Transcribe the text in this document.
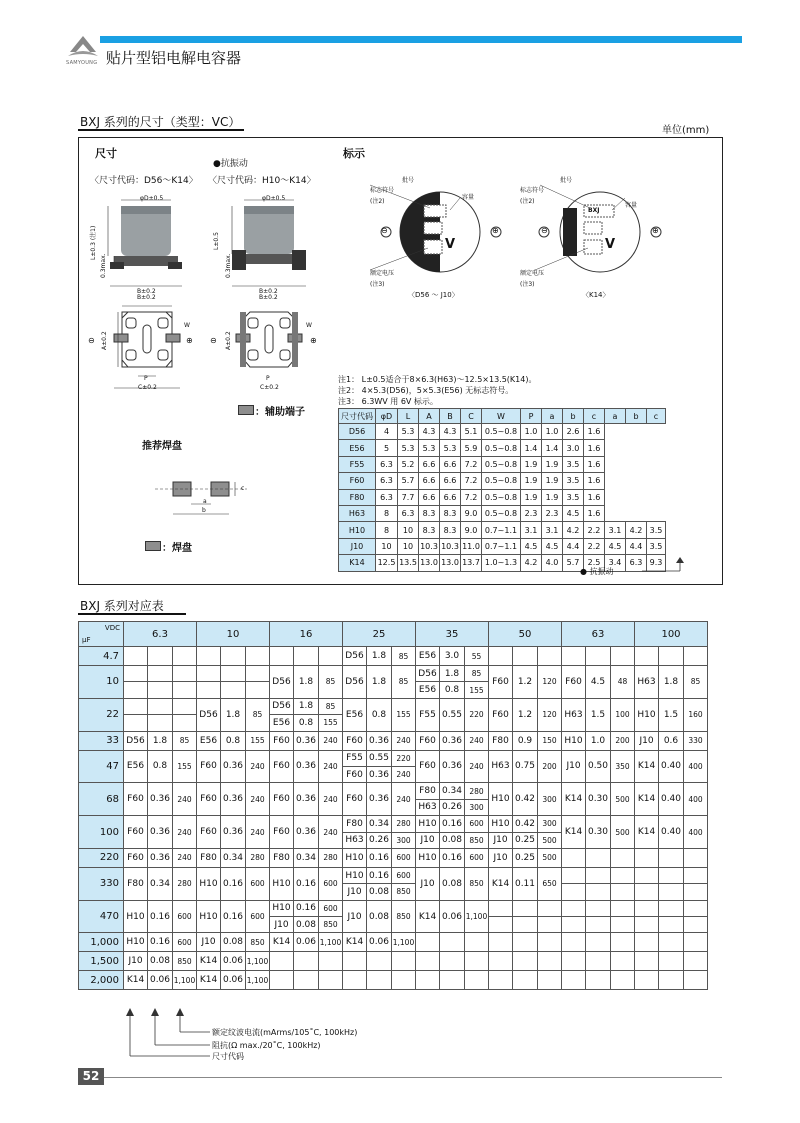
SAMYOUNG 贴片型铝电解电容器
BXJ 系列的尺寸（类型：VC）
单位(mm)
尺寸
●抗振动
〈尺寸代码：D56～K14〉 〈尺寸代码：H10～K14〉
φD±0.5	φD±0.5
L±0.3 (注1)	L±0.5
0.3max.	0.3max.
B±0.2	B±0.2
B±0.2	B±0.2
⊖	⊕ ⊖	⊕
A±0.2	A±0.2
W	W
P	P
C±0.2	C±0.2
：辅助端子
推荐焊盘
a
b
c
：焊盘
标示
批号
标志符号
(注2)
容量
额定电压
(注3)
〈D56 ～ J10〉
V
⊖	⊕
批号
标志符号
(注2)
容量
额定电压
(注3)
〈K14〉
V
BXJ
⊖	⊕
注1： L±0.5适合于8×6.3(H63)～12.5×13.5(K14)。
注2： 4×5.3(D56)，5×5.3(E56) 无标志符号。
注3： 6.3WV 用 6V 标示。
尺寸代码	φD	L	A	B	C	W	P	a	b	c	a	b	c
D56	4	5.3	4.3	4.3	5.1	0.5~0.8	1.0	1.0	2.6	1.6			
E56	5	5.3	5.3	5.3	5.9	0.5~0.8	1.4	1.4	3.0	1.6			
F55	6.3	5.2	6.6	6.6	7.2	0.5~0.8	1.9	1.9	3.5	1.6			
F60	6.3	5.7	6.6	6.6	7.2	0.5~0.8	1.9	1.9	3.5	1.6			
F80	6.3	7.7	6.6	6.6	7.2	0.5~0.8	1.9	1.9	3.5	1.6			
H63	8	6.3	8.3	8.3	9.0	0.5~0.8	2.3	2.3	4.5	1.6			
H10	8	10	8.3	8.3	9.0	0.7~1.1	3.1	3.1	4.2	2.2	3.1	4.2	3.5
J10	10	10	10.3	10.3	11.0	0.7~1.1	4.5	4.5	4.4	2.2	4.5	4.4	3.5
K14	12.5	13.5	13.0	13.0	13.7	1.0~1.3	4.2	4.0	5.7	2.5	3.4	6.3	9.3
● 抗振动
BXJ 系列对应表
VDC
μF	6.3			10			16			25			35			50			63			100		
4.7										D56	1.8	85	E56	3.0	55									
10							D56	1.8	85	D56	1.8	85	D56	1.8	85	F60	1.2	120	F60	4.5	48	H63	1.8	85
													E56	0.8	155									
22				D56	1.8	85	D56	1.8	85	E56	0.8	155	F55	0.55	220	F60	1.2	120	H63	1.5	100	H10	1.5	160
							E56	0.8	155															
33	D56	1.8	85	E56	0.8	155	F60	0.36	240	F60	0.36	240	F60	0.36	240	F80	0.9	150	H10	1.0	200	J10	0.6	330
47	E56	0.8	155	F60	0.36	240	F60	0.36	240	F55	0.55	220	F60	0.36	240	H63	0.75	200	J10	0.50	350	K14	0.40	400
										F60	0.36	240												
68	F60	0.36	240	F60	0.36	240	F60	0.36	240	F60	0.36	240	F80	0.34	280	H10	0.42	300	K14	0.30	500	K14	0.40	400
													H63	0.26	300									
100	F60	0.36	240	F60	0.36	240	F60	0.36	240	F80	0.34	280	H10	0.16	600	H10	0.42	300	K14	0.30	500	K14	0.40	400
										H63	0.26	300	J10	0.08	850	J10	0.25	500						
220	F60	0.36	240	F80	0.34	280	F80	0.34	280	H10	0.16	600	H10	0.16	600	J10	0.25	500						
330	F80	0.34	280	H10	0.16	600	H10	0.16	600	H10	0.16	600	J10	0.08	850	K14	0.11	650						
										J10	0.08	850												
470	H10	0.16	600	H10	0.16	600	H10	0.16	600	J10	0.08	850	K14	0.06	1,100									
							J10	0.08	850															
1,000	H10	0.16	600	J10	0.08	850	K14	0.06	1,100	K14	0.06	1,100												
1,500	J10	0.08	850	K14	0.06	1,100																		
2,000	K14	0.06	1,100	K14	0.06	1,100																		
额定纹波电流(mArms/105˚C, 100kHz)
阻抗(Ω max./20˚C, 100kHz)
尺寸代码
52
